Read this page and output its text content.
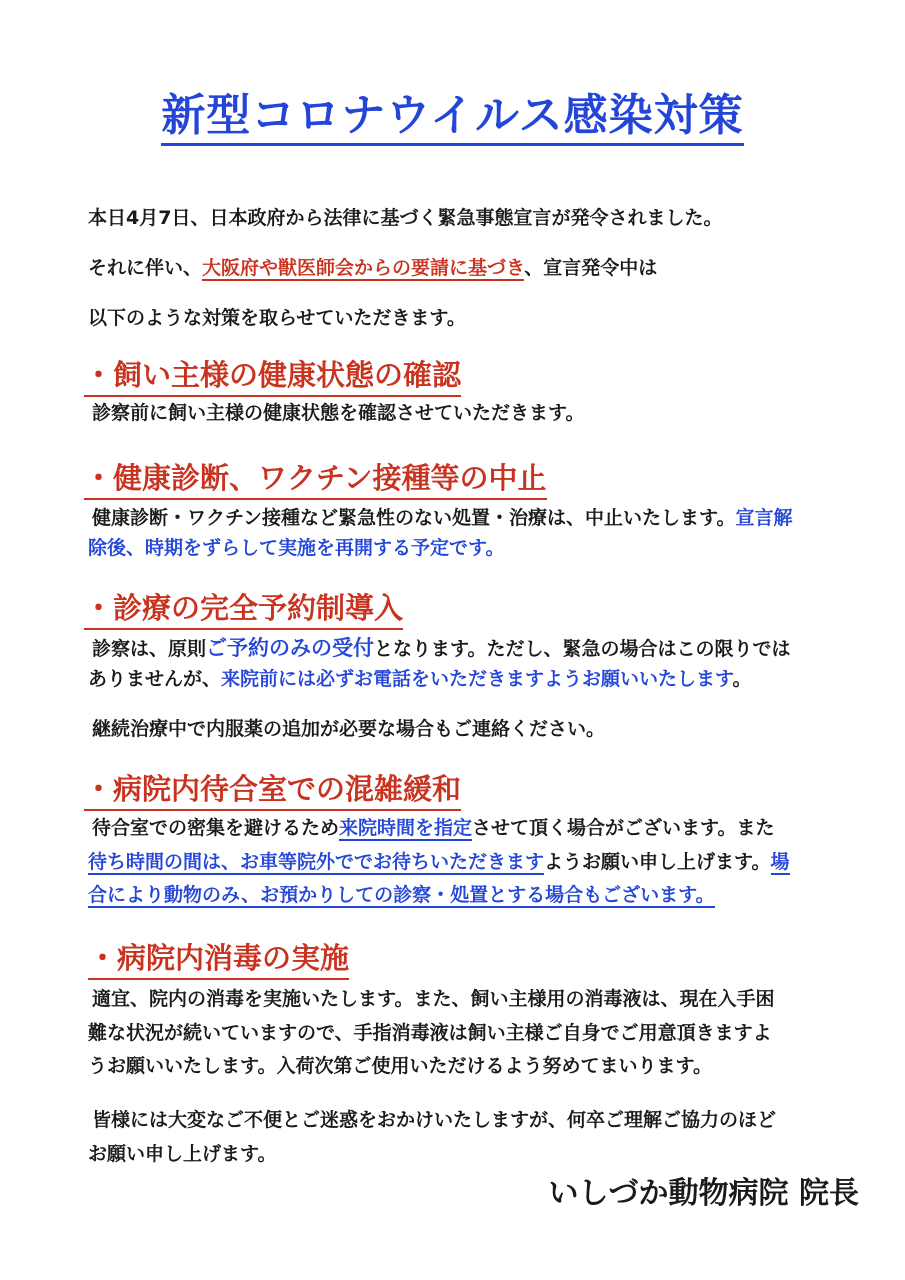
新型コロナウイルス感染対策
本日4月7日、日本政府から法律に基づく緊急事態宣言が発令されました。
それに伴い、大阪府や獣医師会からの要請に基づき、宣言発令中は
以下のような対策を取らせていただきます。
・飼い主様の健康状態の確認
診察前に飼い主様の健康状態を確認させていただきます。
・健康診断、ワクチン接種等の中止
健康診断・ワクチン接種など緊急性のない処置・治療は、中止いたします。宣言解
除後、時期をずらして実施を再開する予定です。
・診療の完全予約制導入
診察は、原則ご予約のみの受付となります。ただし、緊急の場合はこの限りでは
ありませんが、来院前には必ずお電話をいただきますようお願いいたします。
継続治療中で内服薬の追加が必要な場合もご連絡ください。
・病院内待合室での混雑緩和
待合室での密集を避けるため来院時間を指定させて頂く場合がございます。また
待ち時間の間は、お車等院外ででお待ちいただきますようお願い申し上げます。場
合により動物のみ、お預かりしての診察・処置とする場合もございます。
・病院内消毒の実施
適宜、院内の消毒を実施いたします。また、飼い主様用の消毒液は、現在入手困
難な状況が続いていますので、手指消毒液は飼い主様ご自身でご用意頂きますよ
うお願いいたします。入荷次第ご使用いただけるよう努めてまいります。
皆様には大変なご不便とご迷惑をおかけいたしますが、何卒ご理解ご協力のほど
お願い申し上げます。
いしづか動物病院 院長
